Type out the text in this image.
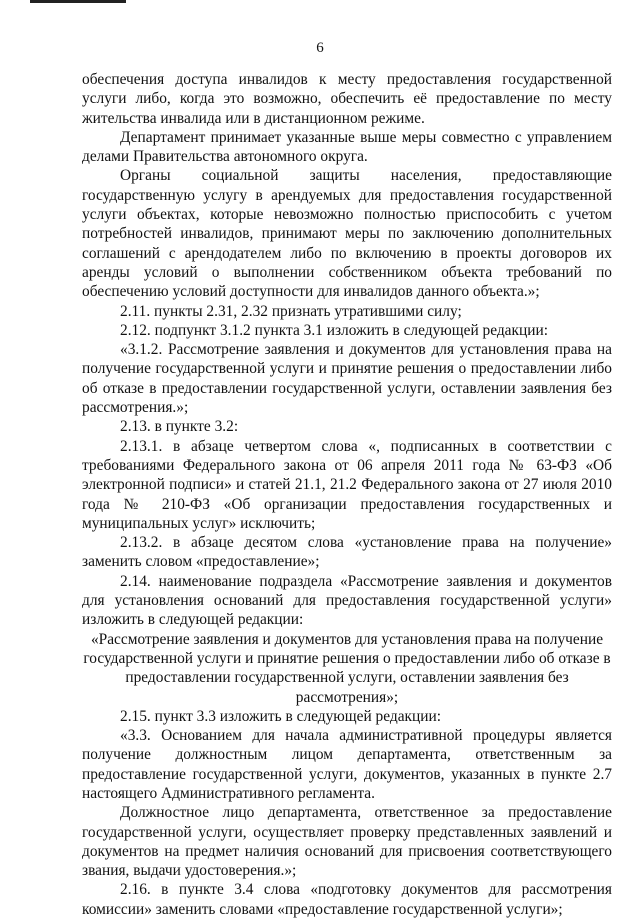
6

обеспечения доступа инвалидов к месту предоставления государственной услуги либо, когда это возможно, обеспечить её предоставление по месту жительства инвалида или в дистанционном режиме.

Департамент принимает указанные выше меры совместно с управлением делами Правительства автономного округа.

Органы социальной защиты населения, предоставляющие государственную услугу в арендуемых для предоставления государственной услуги объектах, которые невозможно полностью приспособить с учетом потребностей инвалидов, принимают меры по заключению дополнительных соглашений с арендодателем либо по включению в проекты договоров их аренды условий о выполнении собственником объекта требований по обеспечению условий доступности для инвалидов данного объекта.»;

2.11. пункты 2.31, 2.32 признать утратившими силу;

2.12. подпункт 3.1.2 пункта 3.1 изложить в следующей редакции:

«3.1.2. Рассмотрение заявления и документов для установления права на получение государственной услуги и принятие решения о предоставлении либо об отказе в предоставлении государственной услуги, оставлении заявления без рассмотрения.»;

2.13. в пункте 3.2:

2.13.1. в абзаце четвертом слова «, подписанных в соответствии с требованиями Федерального закона от 06 апреля 2011 года № 63-ФЗ «Об электронной подписи» и статей 21.1, 21.2 Федерального закона от 27 июля 2010 года № 210-ФЗ «Об организации предоставления государственных и муниципальных услуг» исключить;

2.13.2. в абзаце десятом слова «установление права на получение» заменить словом «предоставление»;

2.14. наименование подраздела «Рассмотрение заявления и документов для установления оснований для предоставления государственной услуги» изложить в следующей редакции:

«Рассмотрение заявления и документов для установления права на получение государственной услуги и принятие решения о предоставлении либо об отказе в предоставлении государственной услуги, оставлении заявления без рассмотрения»;

2.15. пункт 3.3 изложить в следующей редакции:

«3.3. Основанием для начала административной процедуры является получение должностным лицом департамента, ответственным за предоставление государственной услуги, документов, указанных в пункте 2.7 настоящего Административного регламента.

Должностное лицо департамента, ответственное за предоставление государственной услуги, осуществляет проверку представленных заявлений и документов на предмет наличия оснований для присвоения соответствующего звания, выдачи удостоверения.»;

2.16. в пункте 3.4 слова «подготовку документов для рассмотрения комиссии» заменить словами «предоставление государственной услуги»;
